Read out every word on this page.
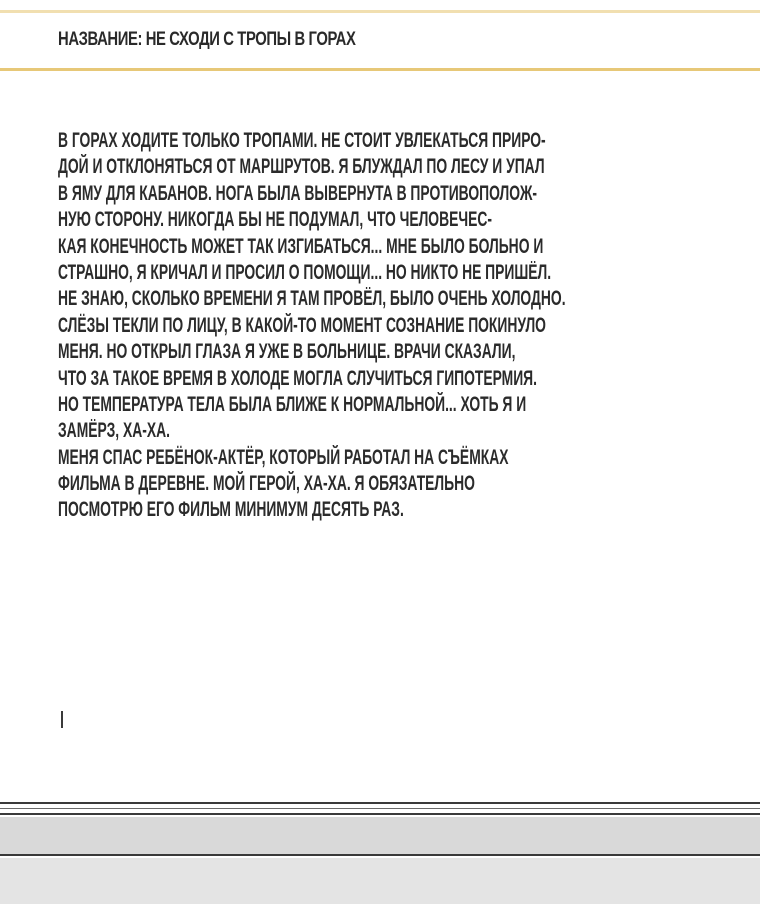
НАЗВАНИЕ: НЕ СХОДИ С ТРОПЫ В ГОРАХ
В ГОРАХ ХОДИТЕ ТОЛЬКО ТРОПАМИ. НЕ СТОИТ УВЛЕКАТЬСЯ ПРИРО-
ДОЙ И ОТКЛОНЯТЬСЯ ОТ МАРШРУТОВ. Я БЛУЖДАЛ ПО ЛЕСУ И УПАЛ
В ЯМУ ДЛЯ КАБАНОВ. НОГА БЫЛА ВЫВЕРНУТА В ПРОТИВОПОЛОЖ-
НУЮ СТОРОНУ. НИКОГДА БЫ НЕ ПОДУМАЛ, ЧТО ЧЕЛОВЕЧЕС-
КАЯ КОНЕЧНОСТЬ МОЖЕТ ТАК ИЗГИБАТЬСЯ... МНЕ БЫЛО БОЛЬНО И
СТРАШНО, Я КРИЧАЛ И ПРОСИЛ О ПОМОЩИ... НО НИКТО НЕ ПРИШЁЛ.
НЕ ЗНАЮ, СКОЛЬКО ВРЕМЕНИ Я ТАМ ПРОВЁЛ, БЫЛО ОЧЕНЬ ХОЛОДНО.
СЛЁЗЫ ТЕКЛИ ПО ЛИЦУ, В КАКОЙ-ТО МОМЕНТ СОЗНАНИЕ ПОКИНУЛО
МЕНЯ. НО ОТКРЫЛ ГЛАЗА Я УЖЕ В БОЛЬНИЦЕ. ВРАЧИ СКАЗАЛИ,
ЧТО ЗА ТАКОЕ ВРЕМЯ В ХОЛОДЕ МОГЛА СЛУЧИТЬСЯ ГИПОТЕРМИЯ.
НО ТЕМПЕРАТУРА ТЕЛА БЫЛА БЛИЖЕ К НОРМАЛЬНОЙ... ХОТЬ Я И
ЗАМЁРЗ, ХА-ХА.
МЕНЯ СПАС РЕБЁНОК-АКТЁР, КОТОРЫЙ РАБОТАЛ НА СЪЁМКАХ
ФИЛЬМА В ДЕРЕВНЕ. МОЙ ГЕРОЙ, ХА-ХА. Я ОБЯЗАТЕЛЬНО
ПОСМОТРЮ ЕГО ФИЛЬМ МИНИМУМ ДЕСЯТЬ РАЗ.
